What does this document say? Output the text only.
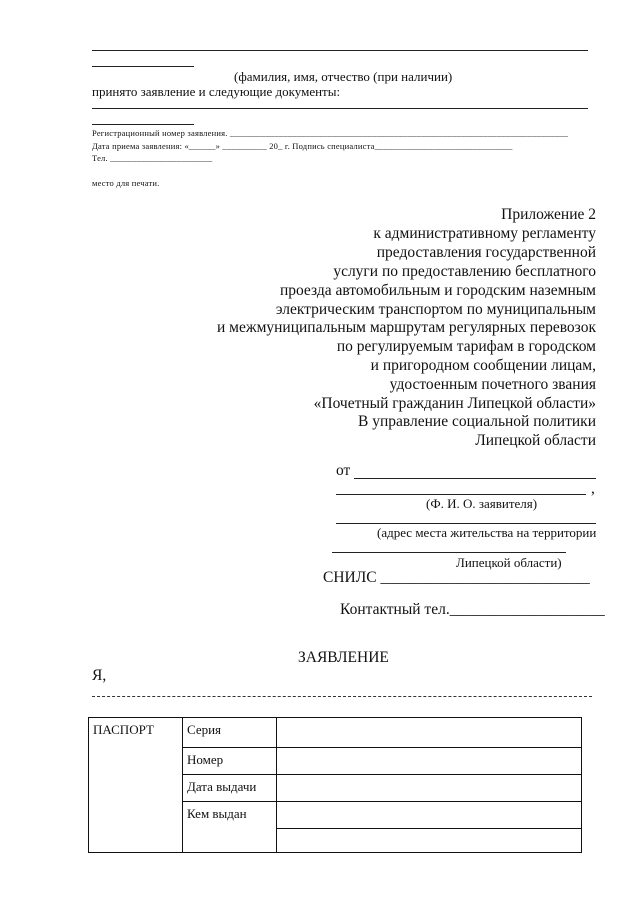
(фамилия, имя, отчество (при наличии)
принято заявление и следующие документы:
Регистрационный номер заявления. ____________________________________________________________________________
Дата приема заявления: «______» __________ 20_ г. Подпись специалиста_______________________________
Тел. _______________________
место для печати.
Приложение 2
к административному регламенту
предоставления государственной
услуги по предоставлению бесплатного
проезда автомобильным и городским наземным
электрическим транспортом по муниципальным
и межмуниципальным маршрутам регулярных перевозок
по регулируемым тарифам в городском
и пригородном сообщении лицам,
удостоенным почетного звания
«Почетный гражданин Липецкой области»
В управление социальной политики
Липецкой области
от
,
(Ф. И. О. заявителя)
(адрес места жительства на территории
Липецкой области)
СНИЛС ___________________________
Контактный тел.____________________
ЗАЯВЛЕНИЕ
Я,
ПАСПОРТ	Серия	
	Номер	
	Дата выдачи	
	Кем выдан	
